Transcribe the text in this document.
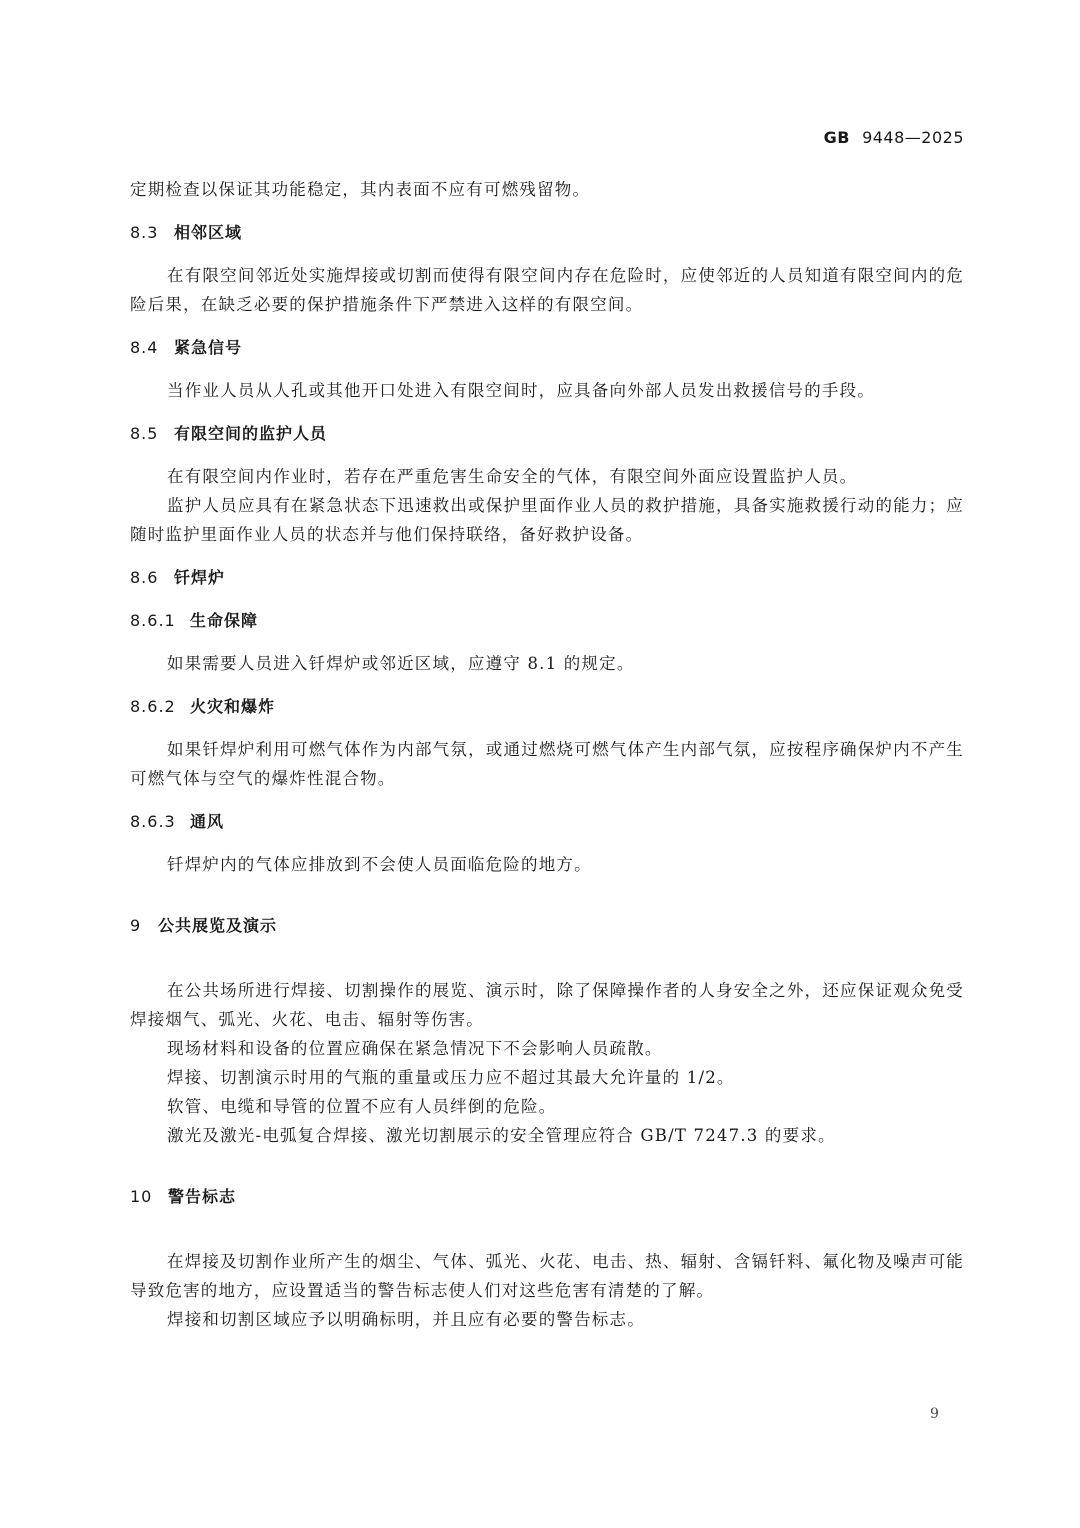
GB 9448—2025

定期检查以保证其功能稳定，其内表面不应有可燃残留物。

8.3 相邻区域

在有限空间邻近处实施焊接或切割而使得有限空间内存在危险时，应使邻近的人员知道有限空间内的危险后果，在缺乏必要的保护措施条件下严禁进入这样的有限空间。

8.4 紧急信号

当作业人员从人孔或其他开口处进入有限空间时，应具备向外部人员发出救援信号的手段。

8.5 有限空间的监护人员

在有限空间内作业时，若存在严重危害生命安全的气体，有限空间外面应设置监护人员。

监护人员应具有在紧急状态下迅速救出或保护里面作业人员的救护措施，具备实施救援行动的能力；应随时监护里面作业人员的状态并与他们保持联络，备好救护设备。

8.6 钎焊炉
8.6.1 生命保障

如果需要人员进入钎焊炉或邻近区域，应遵守 8.1 的规定。

8.6.2 火灾和爆炸

如果钎焊炉利用可燃气体作为内部气氛，或通过燃烧可燃气体产生内部气氛，应按程序确保炉内不产生可燃气体与空气的爆炸性混合物。

8.6.3 通风

钎焊炉内的气体应排放到不会使人员面临危险的地方。

9 公共展览及演示

在公共场所进行焊接、切割操作的展览、演示时，除了保障操作者的人身安全之外，还应保证观众免受焊接烟气、弧光、火花、电击、辐射等伤害。

现场材料和设备的位置应确保在紧急情况下不会影响人员疏散。

焊接、切割演示时用的气瓶的重量或压力应不超过其最大允许量的 1/2。

软管、电缆和导管的位置不应有人员绊倒的危险。

激光及激光-电弧复合焊接、激光切割展示的安全管理应符合 GB/T 7247.3 的要求。

10 警告标志

在焊接及切割作业所产生的烟尘、气体、弧光、火花、电击、热、辐射、含镉钎料、氟化物及噪声可能导致危害的地方，应设置适当的警告标志使人们对这些危害有清楚的了解。

焊接和切割区域应予以明确标明，并且应有必要的警告标志。

9
